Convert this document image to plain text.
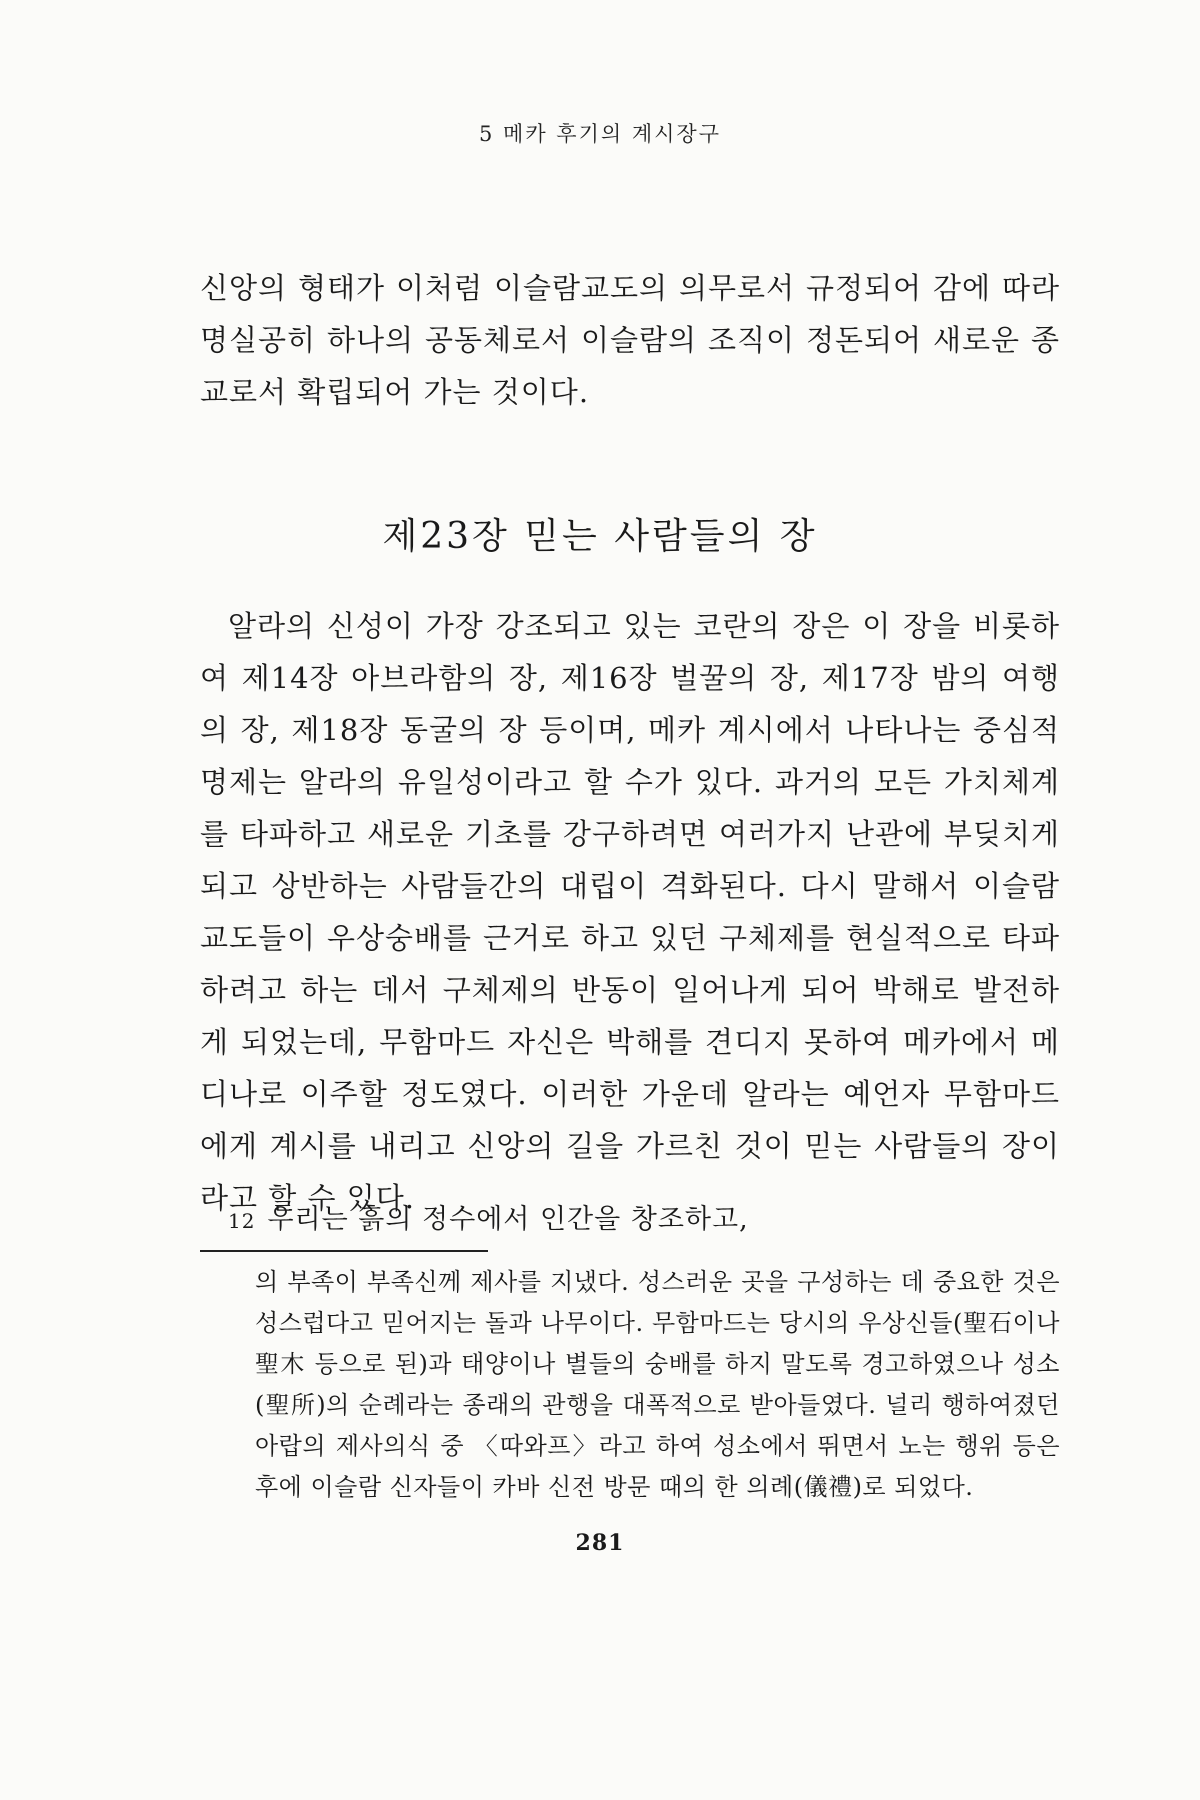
5 메카 후기의 계시장구

신앙의 형태가 이처럼 이슬람교도의 의무로서 규정되어 감에 따라 명실공히 하나의 공동체로서 이슬람의 조직이 정돈되어 새로운 종교로서 확립되어 가는 것이다.

제23장 믿는 사람들의 장

알라의 신성이 가장 강조되고 있는 코란의 장은 이 장을 비롯하여 제14장 아브라함의 장, 제16장 벌꿀의 장, 제17장 밤의 여행의 장, 제18장 동굴의 장 등이며, 메카 계시에서 나타나는 중심적 명제는 알라의 유일성이라고 할 수가 있다. 과거의 모든 가치체계를 타파하고 새로운 기초를 강구하려면 여러가지 난관에 부딪치게 되고 상반하는 사람들간의 대립이 격화된다. 다시 말해서 이슬람교도들이 우상숭배를 근거로 하고 있던 구체제를 현실적으로 타파하려고 하는 데서 구체제의 반동이 일어나게 되어 박해로 발전하게 되었는데, 무함마드 자신은 박해를 견디지 못하여 메카에서 메디나로 이주할 정도였다. 이러한 가운데 알라는 예언자 무함마드에게 계시를 내리고 신앙의 길을 가르친 것이 믿는 사람들의 장이라고 할 수 있다.

12 우리는 흙의 정수에서 인간을 창조하고,

의 부족이 부족신께 제사를 지냈다. 성스러운 곳을 구성하는 데 중요한 것은 성스럽다고 믿어지는 돌과 나무이다. 무함마드는 당시의 우상신들(聖石이나 聖木 등으로 된)과 태양이나 별들의 숭배를 하지 말도록 경고하였으나 성소(聖所)의 순례라는 종래의 관행을 대폭적으로 받아들였다. 널리 행하여졌던 아랍의 제사의식 중 〈따와프〉라고 하여 성소에서 뛰면서 노는 행위 등은 후에 이슬람 신자들이 카바 신전 방문 때의 한 의례(儀禮)로 되었다.

281
